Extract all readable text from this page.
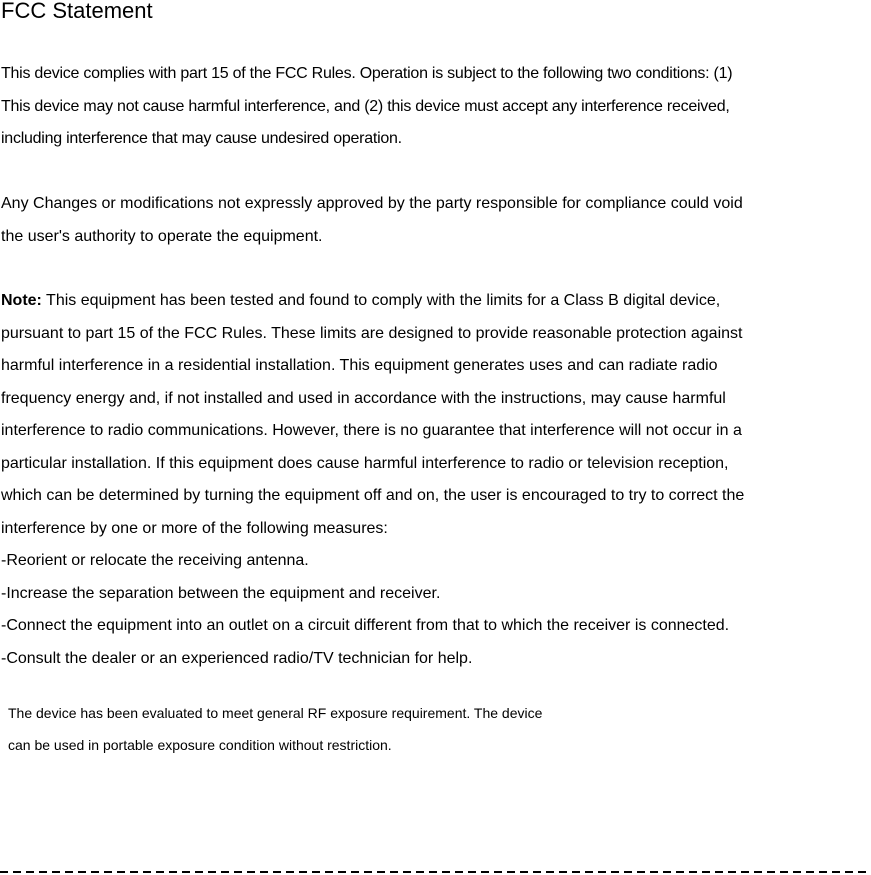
FCC Statement
This device complies with part 15 of the FCC Rules. Operation is subject to the following two conditions: (1)
This device may not cause harmful interference, and (2) this device must accept any interference received,
including interference that may cause undesired operation.
Any Changes or modifications not expressly approved by the party responsible for compliance could void
the user's authority to operate the equipment.
Note: This equipment has been tested and found to comply with the limits for a Class B digital device,
pursuant to part 15 of the FCC Rules. These limits are designed to provide reasonable protection against
harmful interference in a residential installation. This equipment generates uses and can radiate radio
frequency energy and, if not installed and used in accordance with the instructions, may cause harmful
interference to radio communications. However, there is no guarantee that interference will not occur in a
particular installation. If this equipment does cause harmful interference to radio or television reception,
which can be determined by turning the equipment off and on, the user is encouraged to try to correct the
interference by one or more of the following measures:
-Reorient or relocate the receiving antenna.
-Increase the separation between the equipment and receiver.
-Connect the equipment into an outlet on a circuit different from that to which the receiver is connected.
-Consult the dealer or an experienced radio/TV technician for help.
The device has been evaluated to meet general RF exposure requirement. The device
can be used in portable exposure condition without restriction.
